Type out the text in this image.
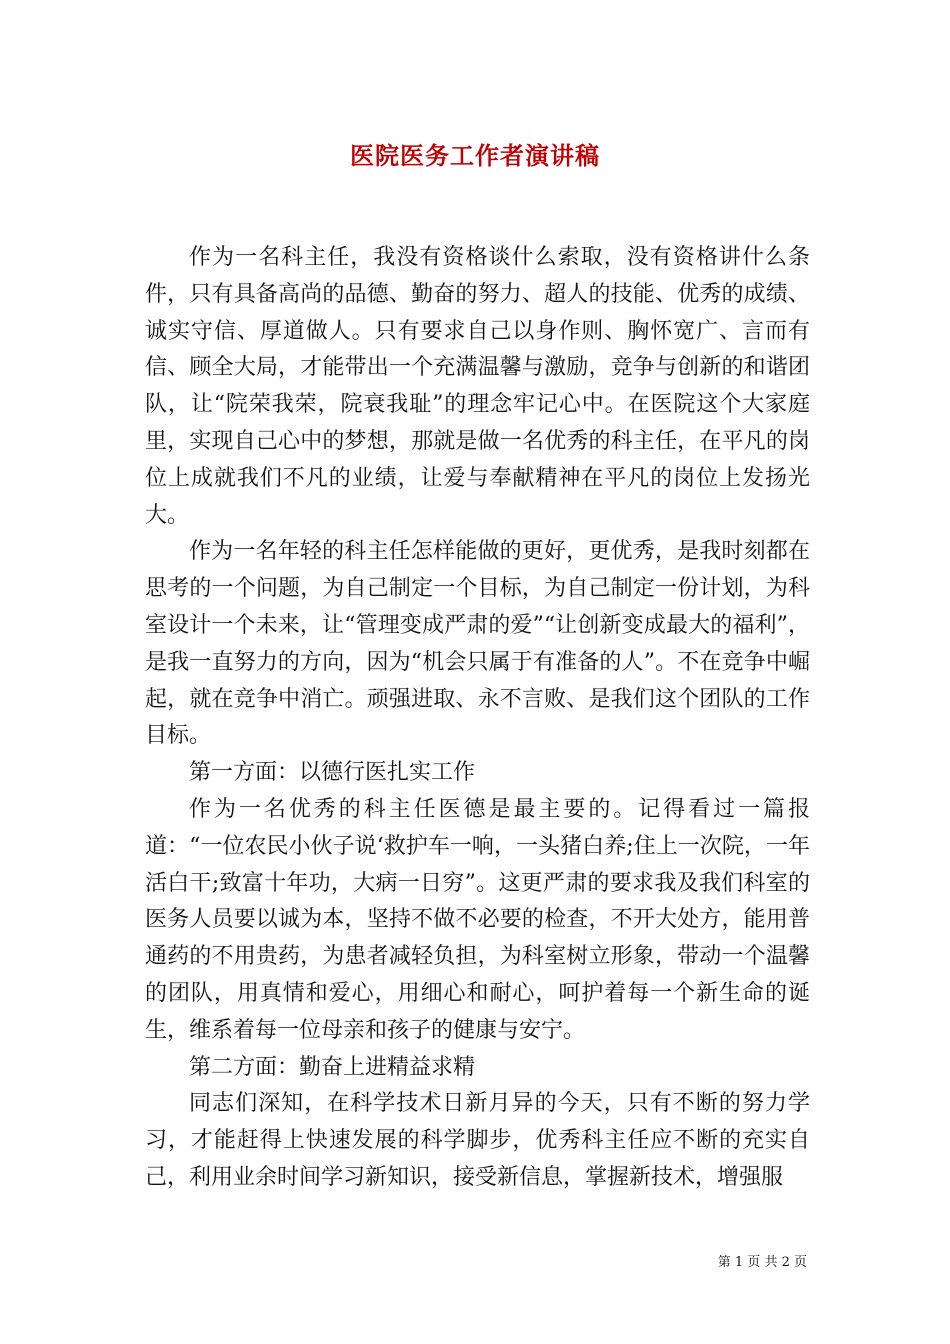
医院医务工作者演讲稿

作为一名科主任，我没有资格谈什么索取，没有资格讲什么条件，只有具备高尚的品德、勤奋的努力、超人的技能、优秀的成绩、诚实守信、厚道做人。只有要求自己以身作则、胸怀宽广、言而有信、顾全大局，才能带出一个充满温馨与激励，竞争与创新的和谐团队，让“院荣我荣，院衰我耻”的理念牢记心中。在医院这个大家庭里，实现自己心中的梦想，那就是做一名优秀的科主任，在平凡的岗位上成就我们不凡的业绩，让爱与奉献精神在平凡的岗位上发扬光大。

作为一名年轻的科主任怎样能做的更好，更优秀，是我时刻都在思考的一个问题，为自己制定一个目标，为自己制定一份计划，为科室设计一个未来，让“管理变成严肃的爱”“让创新变成最大的福利”，是我一直努力的方向，因为“机会只属于有准备的人”。不在竞争中崛起，就在竞争中消亡。顽强进取、永不言败、是我们这个团队的工作目标。

第一方面：以德行医扎实工作

作为一名优秀的科主任医德是最主要的。记得看过一篇报道：“一位农民小伙子说‘救护车一响，一头猪白养;住上一次院，一年活白干;致富十年功，大病一日穷”。这更严肃的要求我及我们科室的医务人员要以诚为本，坚持不做不必要的检查，不开大处方，能用普通药的不用贵药，为患者减轻负担，为科室树立形象，带动一个温馨的团队，用真情和爱心，用细心和耐心，呵护着每一个新生命的诞生，维系着每一位母亲和孩子的健康与安宁。

第二方面：勤奋上进精益求精

同志们深知，在科学技术日新月异的今天，只有不断的努力学习，才能赶得上快速发展的科学脚步，优秀科主任应不断的充实自己，利用业余时间学习新知识，接受新信息，掌握新技术，增强服

第 1 页 共 2 页
